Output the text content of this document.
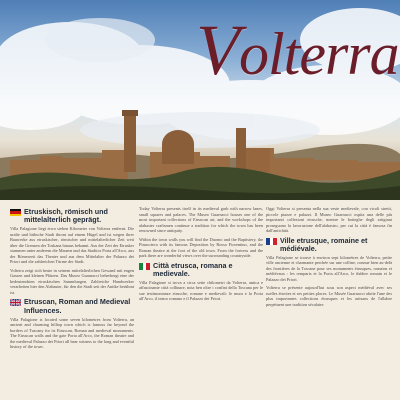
Volterra
Etruskisch, römisch und mittelalterlich geprägt.

Villa Palagione liegt etwa sieben Kilometer von Volterra entfernt. Die uralte und hübsche Stadt thront auf einem Hügel und ist wegen ihrer Bauwerke aus etruskischer, römischer und mittelalterlicher Zeit weit über die Grenzen der Toskana hinaus bekannt. Aus der Zeit der Etrusker stammen unter anderem die Mauern und das Stadttor Porta all'Arco, aus der Römerzeit das Theater und aus dem Mittelalter der Palazzo dei Priori und die zahlreichen Türme der Stadt.

Volterra zeigt sich heute in seinem mittelalterlichen Gewand mit engen Gassen und kleinen Plätzen. Das Museo Guarnacci beherbergt eine der bedeutendsten etruskischen Sammlungen. Zahlreiche Handwerker verarbeiten hier den Alabaster, für den die Stadt seit der Antike berühmt ist.

Etruscan, Roman and Medieval Influences.

Villa Palagione is located some seven kilometres from Volterra, an ancient and charming hilltop town which is famous far beyond the borders of Tuscany for its Etruscan, Roman and medieval monuments. The Etruscan walls and the gate Porta all'Arco, the Roman theatre and the medieval Palazzo dei Priori all bear witness to the long and eventful history of the town.

Today Volterra presents itself in its medieval garb with narrow lanes, small squares and palaces. The Museo Guarnacci houses one of the most important collections of Etruscan art, and the workshops of the alabaster craftsmen continue a tradition for which the town has been renowned since antiquity.

Within the town walls you will find the Duomo and the Baptistery, the Pinacoteca with its famous Deposition by Rosso Fiorentino, and the Roman theatre at the foot of the old town. From the fortress and the park there are wonderful views over the surrounding countryside.

Città etrusca, romana e medievale.

Villa Palagione si trova a circa sette chilometri da Volterra, antica e affascinante città collinare, nota ben oltre i confini della Toscana per le sue testimonianze etrusche, romane e medievali: le mura e la Porta all'Arco, il teatro romano e il Palazzo dei Priori.

Oggi Volterra si presenta nella sua veste medievale, con vicoli stretti, piccole piazze e palazzi. Il Museo Guarnacci ospita una delle più importanti collezioni etrusche, mentre le botteghe degli artigiani proseguono la lavorazione dell'alabastro, per cui la città è famosa fin dall'antichità.

Ville etrusque, romaine et médiévale.

Villa Palagione se trouve à environ sept kilomètres de Volterra, petite ville ancienne et charmante perchée sur une colline, connue bien au-delà des frontières de la Toscane pour ses monuments étrusques, romains et médiévaux : les remparts et la Porta all'Arco, le théâtre romain et le Palazzo dei Priori.

Volterra se présente aujourd'hui sous son aspect médiéval avec ses ruelles étroites et ses petites places. Le Musée Guarnacci abrite l'une des plus importantes collections étrusques et les artisans de l'albâtre perpétuent une tradition séculaire.
